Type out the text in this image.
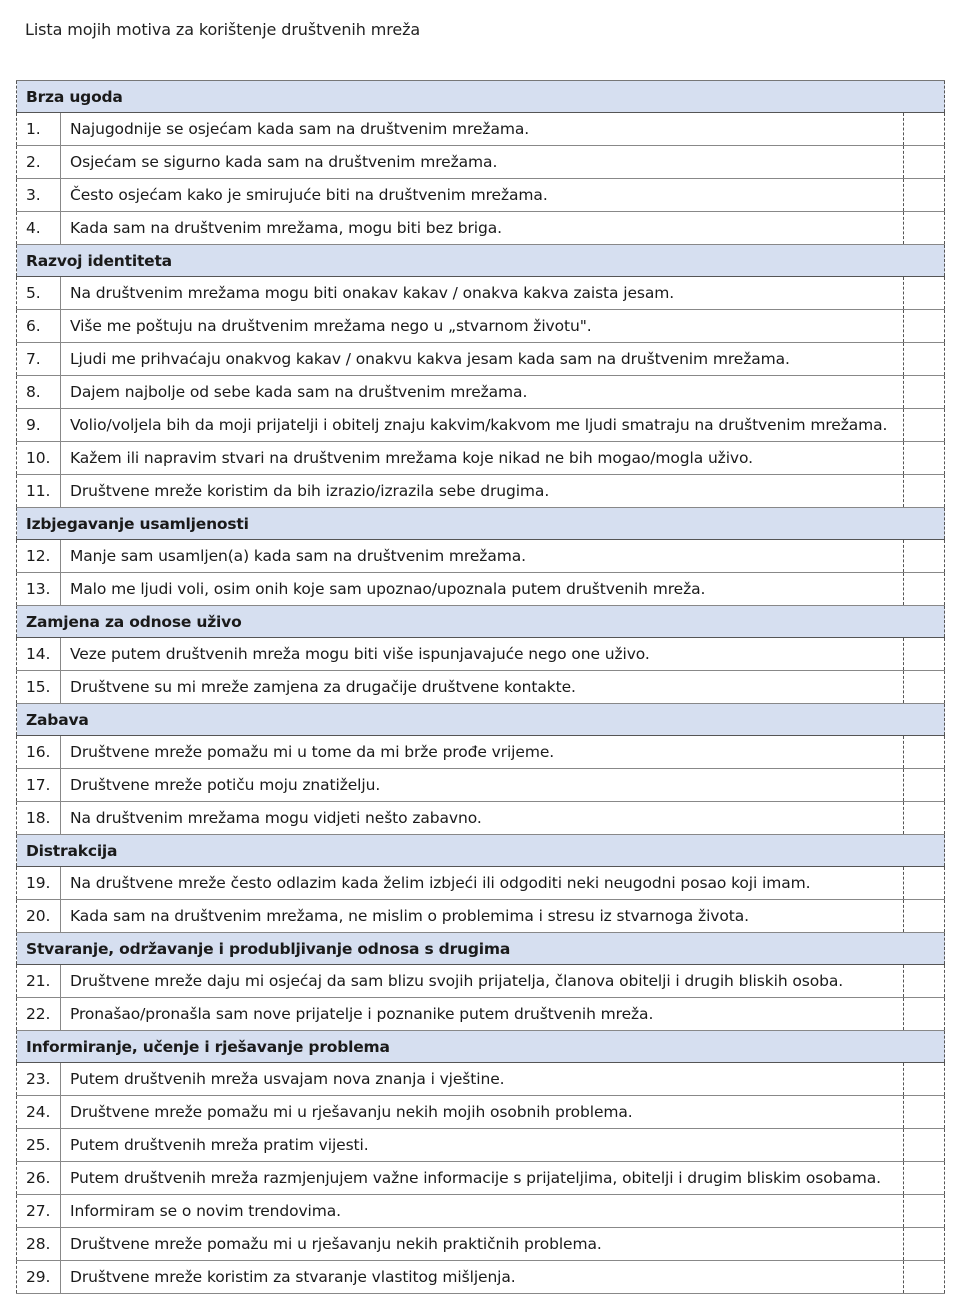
Lista mojih motiva za korištenje društvenih mreža
Brza ugoda		
1.	Najugodnije se osjećam kada sam na društvenim mrežama.	
2.	Osjećam se sigurno kada sam na društvenim mrežama.	
3.	Često osjećam kako je smirujuće biti na društvenim mrežama.	
4.	Kada sam na društvenim mrežama, mogu biti bez briga.	
Razvoj identiteta		
5.	Na društvenim mrežama mogu biti onakav kakav / onakva kakva zaista jesam.	
6.	Više me poštuju na društvenim mrežama nego u „stvarnom životu".	
7.	Ljudi me prihvaćaju onakvog kakav / onakvu kakva jesam kada sam na društvenim mrežama.	
8.	Dajem najbolje od sebe kada sam na društvenim mrežama.	
9.	Volio/voljela bih da moji prijatelji i obitelj znaju kakvim/kakvom me ljudi smatraju na društvenim mrežama.	
10.	Kažem ili napravim stvari na društvenim mrežama koje nikad ne bih mogao/mogla uživo.	
11.	Društvene mreže koristim da bih izrazio/izrazila sebe drugima.	
Izbjegavanje usamljenosti		
12.	Manje sam usamljen(a) kada sam na društvenim mrežama.	
13.	Malo me ljudi voli, osim onih koje sam upoznao/upoznala putem društvenih mreža.	
Zamjena za odnose uživo		
14.	Veze putem društvenih mreža mogu biti više ispunjavajuće nego one uživo.	
15.	Društvene su mi mreže zamjena za drugačije društvene kontakte.	
Zabava		
16.	Društvene mreže pomažu mi u tome da mi brže prođe vrijeme.	
17.	Društvene mreže potiču moju znatiželju.	
18.	Na društvenim mrežama mogu vidjeti nešto zabavno.	
Distrakcija		
19.	Na društvene mreže često odlazim kada želim izbjeći ili odgoditi neki neugodni posao koji imam.	
20.	Kada sam na društvenim mrežama, ne mislim o problemima i stresu iz stvarnoga života.	
Stvaranje, održavanje i produbljivanje odnosa s drugima		
21.	Društvene mreže daju mi osjećaj da sam blizu svojih prijatelja, članova obitelji i drugih bliskih osoba.	
22.	Pronašao/pronašla sam nove prijatelje i poznanike putem društvenih mreža.	
Informiranje, učenje i rješavanje problema		
23.	Putem društvenih mreža usvajam nova znanja i vještine.	
24.	Društvene mreže pomažu mi u rješavanju nekih mojih osobnih problema.	
25.	Putem društvenih mreža pratim vijesti.	
26.	Putem društvenih mreža razmjenjujem važne informacije s prijateljima, obitelji i drugim bliskim osobama.	
27.	Informiram se o novim trendovima.	
28.	Društvene mreže pomažu mi u rješavanju nekih praktičnih problema.	
29.	Društvene mreže koristim za stvaranje vlastitog mišljenja.	
